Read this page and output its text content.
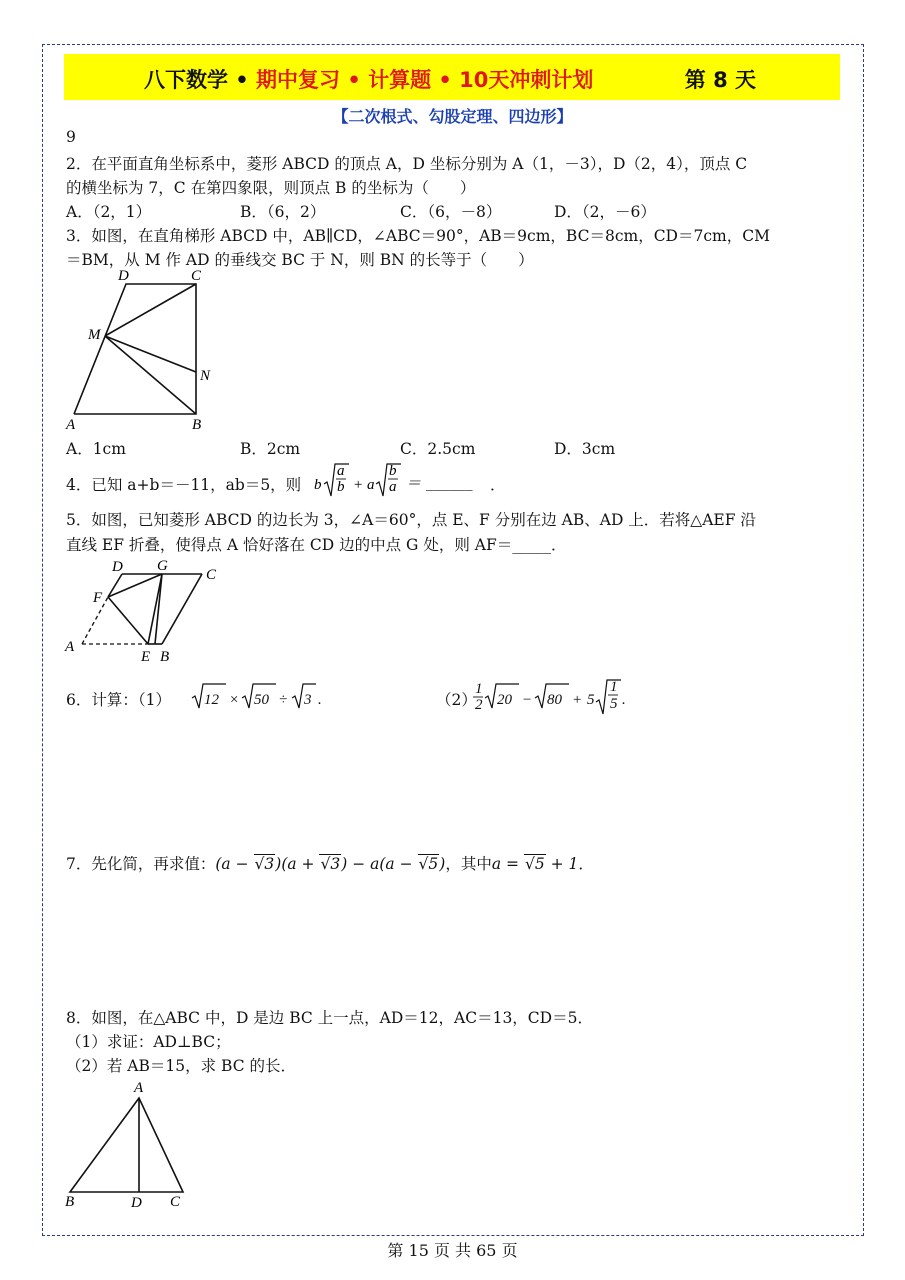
八下数学 • 期中复习 • 计算题 • 10天冲刺计划	第 8 天
【二次根式、勾股定理、四边形】
9
2．在平面直角坐标系中，菱形 ABCD 的顶点 A，D 坐标分别为 A（1，－3），D（2，4），顶点 C
的横坐标为 7，C 在第四象限，则顶点 B 的坐标为（　　）
A．（2，1）	B．（6，2）	C．（6，－8）	D．（2，－6）
3．如图，在直角梯形 ABCD 中，AB∥CD，∠ABC＝90°，AB＝9cm，BC＝8cm，CD＝7cm，CM
＝BM，从 M 作 AD 的垂线交 BC 于 N，则 BN 的长等于（　　）
D	C
M
N
A	B
A．1cm	B．2cm	C．2.5cm	D．3cm
4．已知 a+b＝－11，ab＝5，则 b
a
b + a
b
a ＝ ______ ．
5．如图，已知菱形 ABCD 的边长为 3，∠A＝60°，点 E、F 分别在边 AB、AD 上．若将△AEF 沿
直线 EF 折叠，使得点 A 恰好落在 CD 边的中点 G 处，则 AF＝_____．
D G
C
F
A
E B
6．计算：（1） 12 × 50 ÷ 3 .	（2）
1
2 20 − 80 + 5
1
5 .
7．先化简，再求值：(a − √3)(a + √3) − a(a − √5)，其中a = √5 + 1．
8．如图，在△ABC 中，D 是边 BC 上一点，AD＝12，AC＝13，CD＝5．
（1）求证：AD⊥BC；
（2）若 AB＝15，求 BC 的长．
A
B	D C
第 15 页 共 65 页
